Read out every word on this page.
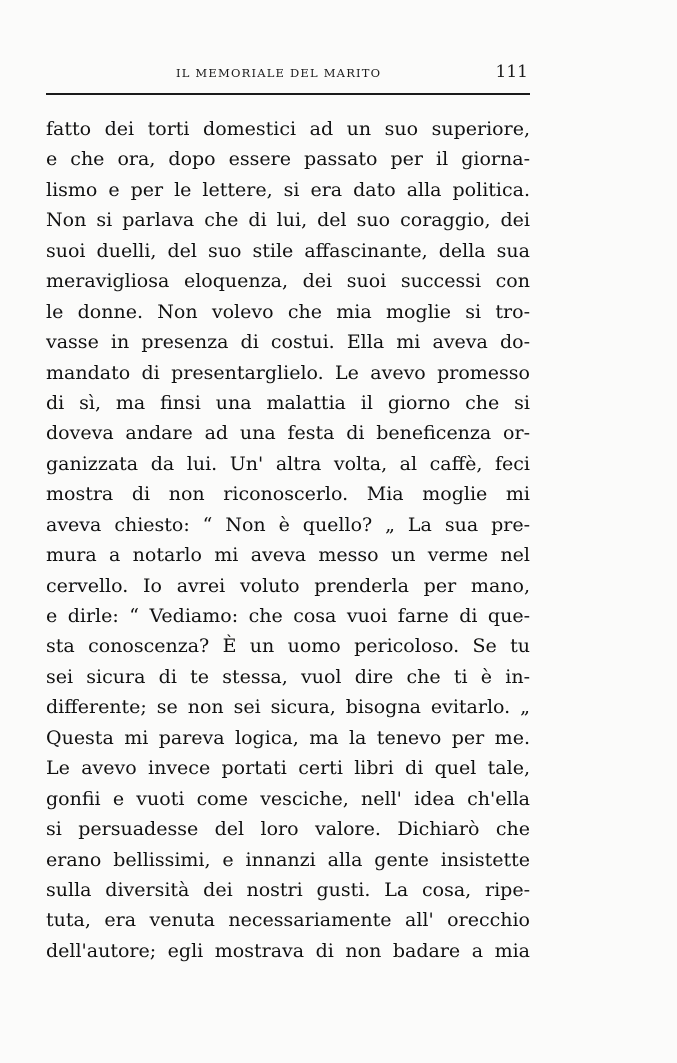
IL MEMORIALE DEL MARITO	111
fatto dei torti domestici ad un suo superiore,
e che ora, dopo essere passato per il giorna-
lismo e per le lettere, si era dato alla politica.
Non si parlava che di lui, del suo coraggio, dei
suoi duelli, del suo stile affascinante, della sua
meravigliosa eloquenza, dei suoi successi con
le donne. Non volevo che mia moglie si tro-
vasse in presenza di costui. Ella mi aveva do-
mandato di presentarglielo. Le avevo promesso
di sì, ma finsi una malattia il giorno che si
doveva andare ad una festa di beneficenza or-
ganizzata da lui. Un' altra volta, al caffè, feci
mostra di non riconoscerlo. Mia moglie mi
aveva chiesto: “ Non è quello? „ La sua pre-
mura a notarlo mi aveva messo un verme nel
cervello. Io avrei voluto prenderla per mano,
e dirle: “ Vediamo: che cosa vuoi farne di que-
sta conoscenza? È un uomo pericoloso. Se tu
sei sicura di te stessa, vuol dire che ti è in-
differente; se non sei sicura, bisogna evitarlo. „
Questa mi pareva logica, ma la tenevo per me.
Le avevo invece portati certi libri di quel tale,
gonfii e vuoti come vesciche, nell' idea ch'ella
si persuadesse del loro valore. Dichiarò che
erano bellissimi, e innanzi alla gente insistette
sulla diversità dei nostri gusti. La cosa, ripe-
tuta, era venuta necessariamente all' orecchio
dell'autore; egli mostrava di non badare a mia
